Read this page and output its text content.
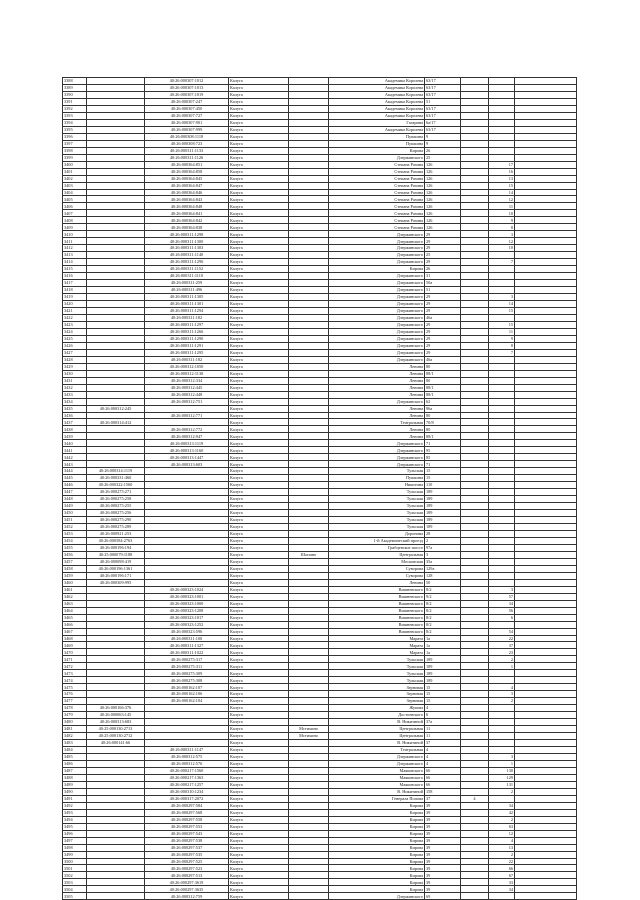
3388		40:26:000307:1012	Калуга		Академика Королева	63/17			
3389		40:26:000307:1013	Калуга		Академика Королева	63/17			
3390		40:26:000307:1019	Калуга		Академика Королева	63/17			
3391		40:26:000307:247	Калуга		Академика Королева	51			
3392		40:26:000307:450	Калуга		Академика Королева	63/17			
3393		40:26:000307:727	Калуга		Академика Королева	63/17			
3394		40:26:000307:901	Калуга		Гагарина	6а/17			
3395		40:26:000307:999	Калуга		Академика Королева	63/17			
3396		40:26:000308:1118	Калуга		Пушкина	9			
3397		40:26:000308:723	Калуга		Пушкина	9			
3398		40:26:000311:1133	Калуга		Кирова	26			
3399		40:26:000311:1126	Калуга		Дзержинского	25			
3400		40:26:000364:851	Калуга		Степана Разина	126		17	
3401		40:26:000364:858	Калуга		Степана Разина	126		16	
3402		40:26:000364:845	Калуга		Степана Разина	126		13	
3403		40:26:000364:847	Калуга		Степана Разина	126		15	
3404		40:26:000364:846	Калуга		Степана Разина	126		14	
3405		40:26:000364:843	Калуга		Степана Разина	126		12	
3406		40:26:000364:848	Калуга		Степана Разина	126		11	
3407		40:26:000364:841	Калуга		Степана Разина	126		10	
3408		40:26:000364:842	Калуга		Степана Разина	126		9	
3409		40:26:000364:838	Калуга		Степана Разина	126		8	
3410		40:26:000311:1298	Калуга		Дзержинского	29		3	
3411		40:26:000311:1300	Калуга		Дзержинского	29		12	
3412		40:26:000311:1303	Калуга		Дзержинского	29		10	
3413		40:26:000311:1140	Калуга		Дзержинского	25			
3414		40:26:000311:1296	Калуга		Дзержинского	29		7	
3415		40:26:000311:1152	Калуга		Кирова	26			
3416		40:26:000311:1110	Калуга		Дзержинского	31			
3417		40:26:000311:259	Калуга		Дзержинского	50а			
3418		40:26:000311:496	Калуга		Дзержинского	51			
3419		40:26:000311:1305	Калуга		Дзержинского	29		3	
3420		40:26:000311:1301	Калуга		Дзержинского	29		14	
3421		40:26:000311:1294	Калуга		Дзержинского	29		15	
3422		40:26:000311:182	Калуга		Дзержинского	46а			
3423		40:26:000311:1297	Калуга		Дзержинского	29		15	
3424		40:26:000311:1266	Калуга		Дзержинского	29		11	
3425		40:26:000311:1290	Калуга		Дзержинского	29		9	
3426		40:26:000311:1291	Калуга		Дзержинского	29		8	
3427		40:26:000311:1295	Калуга		Дзержинского	29		7	
3428		40:26:000311:182	Калуга		Дзержинского	46а			
3429		40:26:000312:1050	Калуга		Ленина	80			
3430		40:26:000312:1138	Калуга		Ленина	88/1			
3431		40:26:000312:334	Калуга		Ленина	80			
3432		40:26:000312:445	Калуга		Ленина	88/1			
3433		40:26:000312:448	Калуга		Ленина	88/1			
3434		40:26:000312:751	Калуга		Дзержинского	62			
3435	40:26:000312:245		Калуга		Ленина	96а			
3436		40:26:000312:771	Калуга		Ленина	80			
3437	40:26:000314:412		Калуга		Театральная	70/8			
3438		40:26:000312:772	Калуга		Ленина	80			
3439		40:26:000312:947	Калуга		Ленина	88/1			
3440		40:26:000313:1119	Калуга		Дзержинского	71			
3441		40:26:000313:1160	Калуга		Дзержинского	95			
3442		40:26:000313:1447	Калуга		Дзержинского	85			
3443		40:26:000313:603	Калуга		Дзержинского	71			
3444	40:26:000314:1119		Калуга		Тульская	15			
3445	40:26:000331:460		Калуга		Пушкина	15			
3446	40:26:000322:1560		Калуга		Никитина	110			
3447	40:26:000275:271		Калуга		Тульская	189			
3448	40:26:000275:258		Калуга		Тульская	189			
3449	40:26:000275:255		Калуга		Тульская	189			
3450	40:26:000275:256		Калуга		Тульская	189			
3451	40:26:000275:290		Калуга		Тульская	189			
3452	40:26:000275:289		Калуга		Тульская	189			
3453	40:26:000921:253		Калуга		Доронина	28			
3454	40:26:000584:2763		Калуга		1-й Академический проезд	2			
3455	40:26:000196:194		Калуга		Грабцевское шоссе	97а			
3456	40:25:000079:1188		Калуга	Шопино	Центральная	3			
3457	40:26:000098:419		Калуга		Московская	35а			
3458	40:26:000196:1361		Калуга		Суворова	129а			
3459	40:26:000196:171		Калуга		Суворова	128			
3460	40:26:000309:995		Калуга		Ленина	50			
3461		40:26:000323:1024	Калуга		Вишневского	8/2		3	
3462		40:26:000323:1001	Калуга		Вишневского	9/2		57	
3463		40:26:000323:1000	Калуга		Вишневского	8/2		34	
3464		40:26:000323:1208	Калуга		Вишневского	8/2		56	
3465		40:26:000323:1017	Калуга		Вишневского	8/2		6	
3466		40:26:000323:1252	Калуга		Вишневского	8/2			
3467		40:26:000323:596	Калуга		Вишневского	8/2		54	
3468		40:26:000311:100	Калуга		Марата	1а		22	
3469		40:26:000311:1327	Калуга		Марата	1а		37	
3470		40:26:000311:1022	Калуга		Марата	1а		23	
3471		40:26:000275:317	Калуга		Тульская	189		2	
3472		40:26:000275:311	Калуга		Тульская	189		1	
3473		40:26:000275:309	Калуга		Тульская	189			
3474		40:26:000275:308	Калуга		Тульская	189			
3475		40:26:000162:107	Калуга		Зерновая	15		4	
3476		40:26:000162:106	Калуга		Зерновая	15		3	
3477		40:26:000162:104	Калуга		Зерновая	15		2	
3478	40:26:000166:376		Калуга		Жукова	4			
3479	40:26:000063:145		Калуга		Достоевского	6			
3480	40:26:000313:683		Калуга		В. Никитиной	37а			
3481	40:25:000130:2713		Калуга	Мстихино	Центральная	11			
3482	40:25:000130:2712		Калуга	Мстихино	Центральная	11			
3483	40:26:000141:66		Калуга		В. Никитиной	37			
3484		40:26:000311:1147	Калуга		Театральная	4			
3485		40:26:000312:575	Калуга		Дзержинского	4		3	
3486		40:26:000312:576	Калуга		Дзержинского	4		1	
3487		40:26:000217:1560	Калуга		Маяковского	66		130	
3488		40:26:000217:1363	Калуга		Маяковского	66		129	
3489		40:26:000217:1257	Калуга		Маяковского	66		131	
3490		40:26:000310:1234	Калуга		В. Никитиной	158		2	
3491		40:26:000317:2072	Калуга		Генерала Попова	37	4		
3492		40:26:000297:584	Калуга		Кирова	39		34	
3493		40:26:000297:568	Калуга		Кирова	39		42	
3494		40:26:000297:558	Калуга		Кирова	39		2	
3495		40:26:000297:553	Калуга		Кирова	39		63	
3496		40:26:000297:543	Калуга		Кирова	39		12	
3497		40:26:000297:538	Калуга		Кирова	39		4	
3498		40:26:000297:537	Калуга		Кирова	39		13	
3499		40:26:000297:535	Калуга		Кирова	39		2	
3500		40:26:000297:525	Калуга		Кирова	39		22	
3501		40:26:000297:523	Калуга		Кирова	39		66	
3502		40:26:000297:513	Калуга		Кирова	39		67	
3503		40:26:000297:3619	Калуга		Кирова	39		33	
3504		40:26:000297:3635	Калуга		Кирова	39		34	
3505		40:26:000312:759	Калуга		Дзержинского	69			
